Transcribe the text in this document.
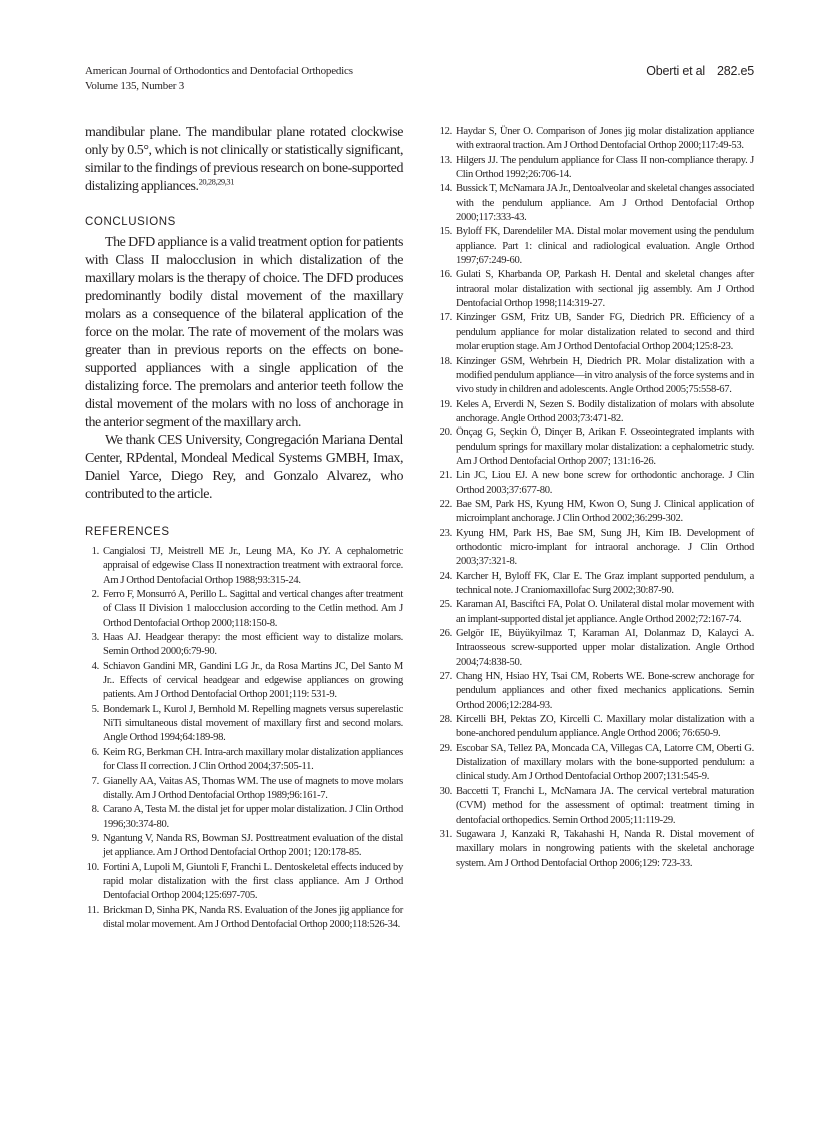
American Journal of Orthodontics and Dentofacial Orthopedics
Volume 135, Number 3
Oberti et al 282.e5

mandibular plane. The mandibular plane rotated clockwise only by 0.5°, which is not clinically or statistically significant, similar to the findings of previous research on bone-supported distalizing appliances.$^{20,28,29,31}$

CONCLUSIONS

The DFD appliance is a valid treatment option for patients with Class II malocclusion in which distalization of the maxillary molars is the therapy of choice. The DFD produces predominantly bodily distal movement of the maxillary molars as a consequence of the bilateral application of the force on the molar. The rate of movement of the molars was greater than in previous reports on the effects on bone-supported appliances with a single application of the distalizing force. The premolars and anterior teeth follow the distal movement of the molars with no loss of anchorage in the anterior segment of the maxillary arch.

We thank CES University, Congregación Mariana Dental Center, RPdental, Mondeal Medical Systems GMBH, Imax, Daniel Yarce, Diego Rey, and Gonzalo Alvarez, who contributed to the article.

REFERENCES
1. Cangialosi TJ, Meistrell ME Jr., Leung MA, Ko JY. A cephalometric appraisal of edgewise Class II nonextraction treatment with extraoral force. Am J Orthod Dentofacial Orthop 1988;93:315-24.
2. Ferro F, Monsurró A, Perillo L. Sagittal and vertical changes after treatment of Class II Division 1 malocclusion according to the Cetlin method. Am J Orthod Dentofacial Orthop 2000;118:150-8.
3. Haas AJ. Headgear therapy: the most efficient way to distalize molars. Semin Orthod 2000;6:79-90.
4. Schiavon Gandini MR, Gandini LG Jr., da Rosa Martins JC, Del Santo M Jr.. Effects of cervical headgear and edgewise appliances on growing patients. Am J Orthod Dentofacial Orthop 2001;119: 531-9.
5. Bondemark L, Kurol J, Bernhold M. Repelling magnets versus superelastic NiTi simultaneous distal movement of maxillary first and second molars. Angle Orthod 1994;64:189-98.
6. Keim RG, Berkman CH. Intra-arch maxillary molar distalization appliances for Class II correction. J Clin Orthod 2004;37:505-11.
7. Gianelly AA, Vaitas AS, Thomas WM. The use of magnets to move molars distally. Am J Orthod Dentofacial Orthop 1989;96:161-7.
8. Carano A, Testa M. the distal jet for upper molar distalization. J Clin Orthod 1996;30:374-80.
9. Ngantung V, Nanda RS, Bowman SJ. Posttreatment evaluation of the distal jet appliance. Am J Orthod Dentofacial Orthop 2001; 120:178-85.
10. Fortini A, Lupoli M, Giuntoli F, Franchi L. Dentoskeletal effects induced by rapid molar distalization with the first class appliance. Am J Orthod Dentofacial Orthop 2004;125:697-705.
11. Brickman D, Sinha PK, Nanda RS. Evaluation of the Jones jig appliance for distal molar movement. Am J Orthod Dentofacial Orthop 2000;118:526-34.
12. Haydar S, Üner O. Comparison of Jones jig molar distalization appliance with extraoral traction. Am J Orthod Dentofacial Orthop 2000;117:49-53.
13. Hilgers JJ. The pendulum appliance for Class II non-compliance therapy. J Clin Orthod 1992;26:706-14.
14. Bussick T, McNamara JA Jr., Dentoalveolar and skeletal changes associated with the pendulum appliance. Am J Orthod Dentofacial Orthop 2000;117:333-43.
15. Byloff FK, Darendeliler MA. Distal molar movement using the pendulum appliance. Part 1: clinical and radiological evaluation. Angle Orthod 1997;67:249-60.
16. Gulati S, Kharbanda OP, Parkash H. Dental and skeletal changes after intraoral molar distalization with sectional jig assembly. Am J Orthod Dentofacial Orthop 1998;114:319-27.
17. Kinzinger GSM, Fritz UB, Sander FG, Diedrich PR. Efficiency of a pendulum appliance for molar distalization related to second and third molar eruption stage. Am J Orthod Dentofacial Orthop 2004;125:8-23.
18. Kinzinger GSM, Wehrbein H, Diedrich PR. Molar distalization with a modified pendulum appliance—in vitro analysis of the force systems and in vivo study in children and adolescents. Angle Orthod 2005;75:558-67.
19. Keles A, Erverdi N, Sezen S. Bodily distalization of molars with absolute anchorage. Angle Orthod 2003;73:471-82.
20. Önçag G, Seçkin Ö, Dinçer B, Arikan F. Osseointegrated implants with pendulum springs for maxillary molar distalization: a cephalometric study. Am J Orthod Dentofacial Orthop 2007; 131:16-26.
21. Lin JC, Liou EJ. A new bone screw for orthodontic anchorage. J Clin Orthod 2003;37:677-80.
22. Bae SM, Park HS, Kyung HM, Kwon O, Sung J. Clinical application of microimplant anchorage. J Clin Orthod 2002;36:299-302.
23. Kyung HM, Park HS, Bae SM, Sung JH, Kim IB. Development of orthodontic micro-implant for intraoral anchorage. J Clin Orthod 2003;37:321-8.
24. Karcher H, Byloff FK, Clar E. The Graz implant supported pendulum, a technical note. J Craniomaxillofac Surg 2002;30:87-90.
25. Karaman AI, Basciftci FA, Polat O. Unilateral distal molar movement with an implant-supported distal jet appliance. Angle Orthod 2002;72:167-74.
26. Gelgör IE, Büyükyilmaz T, Karaman AI, Dolanmaz D, Kalayci A. Intraosseous screw-supported upper molar distalization. Angle Orthod 2004;74:838-50.
27. Chang HN, Hsiao HY, Tsai CM, Roberts WE. Bone-screw anchorage for pendulum appliances and other fixed mechanics applications. Semin Orthod 2006;12:284-93.
28. Kircelli BH, Pektas ZO, Kircelli C. Maxillary molar distalization with a bone-anchored pendulum appliance. Angle Orthod 2006; 76:650-9.
29. Escobar SA, Tellez PA, Moncada CA, Villegas CA, Latorre CM, Oberti G. Distalization of maxillary molars with the bone-supported pendulum: a clinical study. Am J Orthod Dentofacial Orthop 2007;131:545-9.
30. Baccetti T, Franchi L, McNamara JA. The cervical vertebral maturation (CVM) method for the assessment of optimal: treatment timing in dentofacial orthopedics. Semin Orthod 2005;11:119-29.
31. Sugawara J, Kanzaki R, Takahashi H, Nanda R. Distal movement of maxillary molars in nongrowing patients with the skeletal anchorage system. Am J Orthod Dentofacial Orthop 2006;129: 723-33.
